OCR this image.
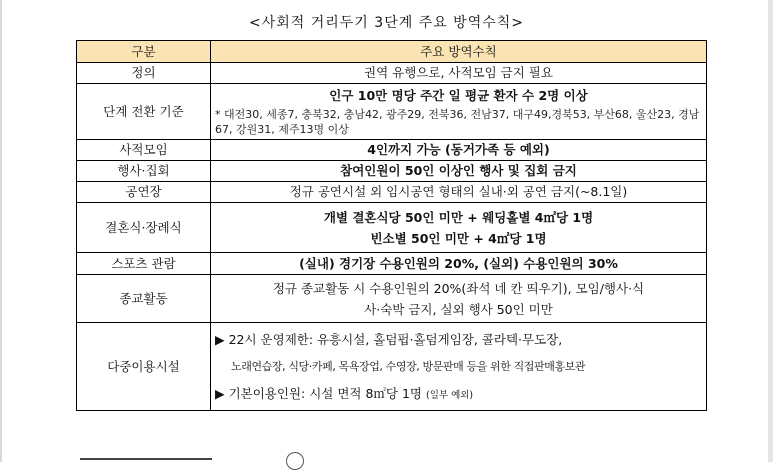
<사회적 거리두기 3단계 주요 방역수칙>
구분	주요 방역수칙
정의	권역 유행으로, 사적모임 금지 필요
단계 전환 기준	인구 10만 명당 주간 일 평균 환자 수 2명 이상
* 대전30, 세종7, 충북32, 충남42, 광주29, 전북36, 전남37, 대구49,경북53, 부산68, 울산23, 경남67, 강원31, 제주13명 이상

사적모임	4인까지 가능 (동거가족 등 예외)
행사·집회	참여인원이 50인 이상인 행사 및 집회 금지
공연장	정규 공연시설 외 임시공연 형태의 실내·외 공연 금지(~8.1일)
결혼식·장례식	개별 결혼식당 50인 미만 + 웨딩홀별 4㎡당 1명
빈소별 50인 미만 + 4㎡당 1명

스포츠 관람	(실내) 경기장 수용인원의 20%, (실외) 수용인원의 30%
종교활동	정규 종교활동 시 수용인원의 20%(좌석 네 칸 띄우기), 모임/행사·식
사·숙박 금지, 실외 행사 50인 미만

다중이용시설	▶ 22시 운영제한: 유흥시설, 홀덤펍·홀덤게임장, 콜라텍·무도장,
노래연습장, 식당·카페, 목욕장업, 수영장, 방문판매 등을 위한 직접판매홍보관
▶ 기본이용인원: 시설 면적 8㎡당 1명 (일부 예외)
